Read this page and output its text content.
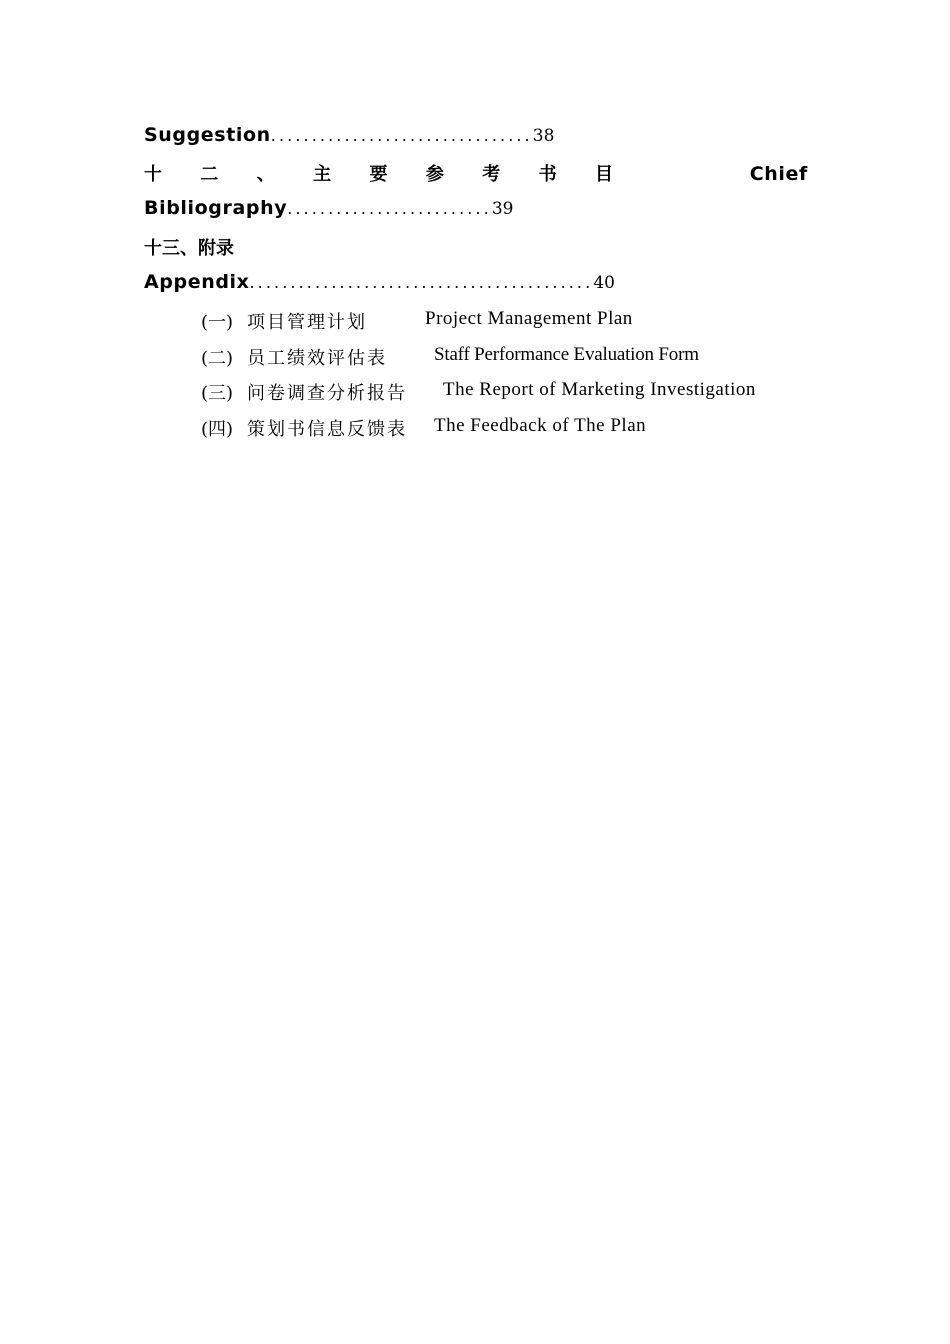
Suggestion................................38
十 二 、 主 要 参 考 书 目	Chief
Bibliography.........................39
十三、附录
Appendix..........................................40
(一) 项目管理计划	Project Management Plan
(二) 员工绩效评估表 Staff Performance Evaluation Form
(三) 问卷调查分析报告 The Report of Marketing Investigation
(四) 策划书信息反馈表 The Feedback of The Plan
